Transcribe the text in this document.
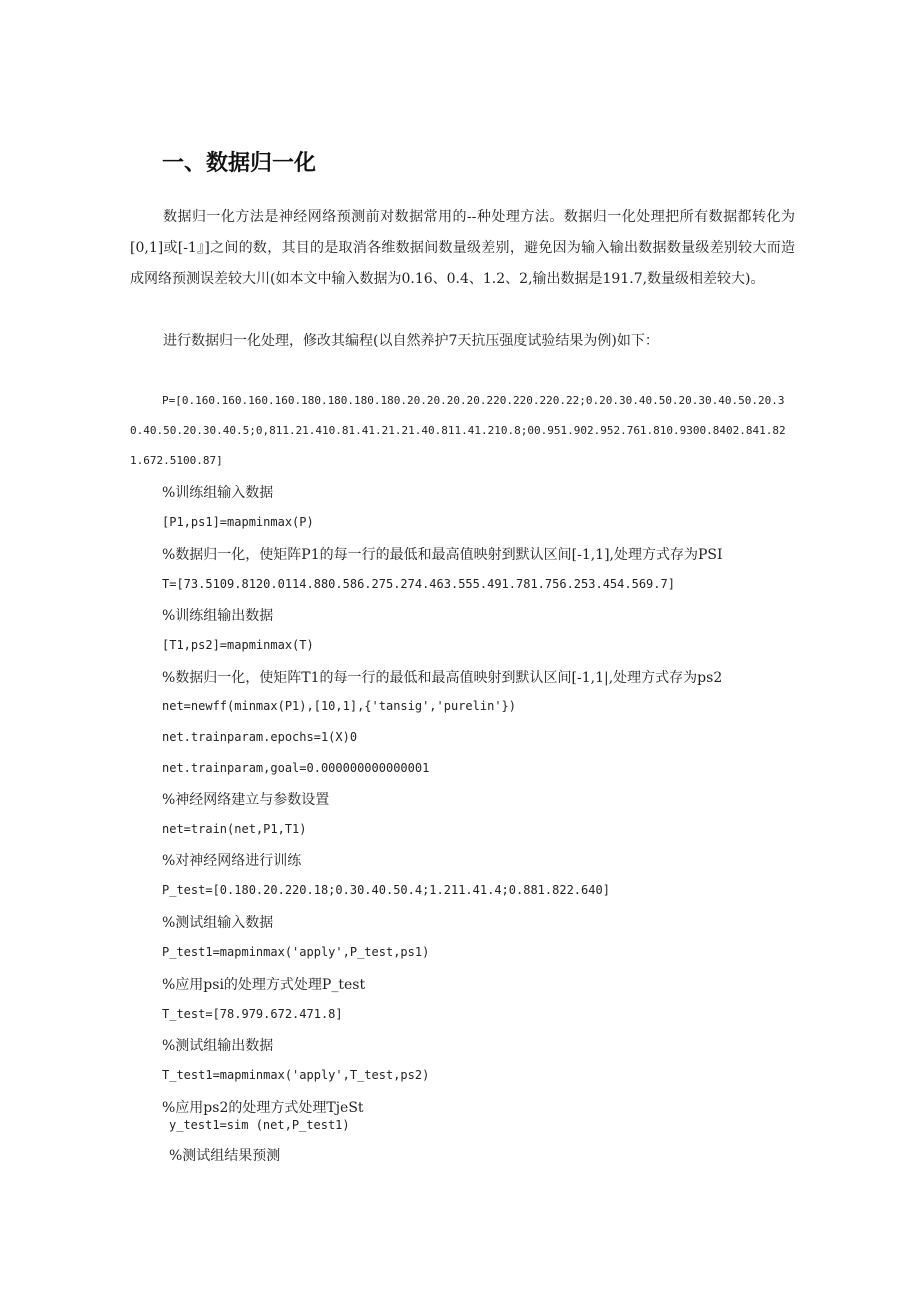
一、数据归一化
数据归一化方法是神经网络预测前对数据常用的--种处理方法。数据归一化处理把所有数据都转化为[0,1]或[-1』]之间的数，其目的是取消各维数据间数量级差别，避免因为输入输出数据数量级差别较大而造成网络预测误差较大川(如本文中输入数据为0.16、0.4、1.2、2,输出数据是191.7,数量级相差较大)。
进行数据归一化处理，修改其编程(以自然养护7天抗压强度试验结果为例)如下：
P=[0.160.160.160.160.180.180.180.180.20.20.20.20.220.220.220.22;0.20.30.40.50.20.30.40.50.20.30.40.50.20.30.40.5;0,811.21.410.81.41.21.21.40.811.41.210.8;00.951.902.952.761.810.9300.8402.841.821.672.5100.87]
%训练组输入数据
[P1,ps1]=mapminmax(P)
%数据归一化，使矩阵P1的每一行的最低和最高值映射到默认区间[-1,1],处理方式存为PSI
T=[73.5109.8120.0114.880.586.275.274.463.555.491.781.756.253.454.569.7]
%训练组输出数据
[T1,ps2]=mapminmax(T)
%数据归一化，使矩阵T1的每一行的最低和最高值映射到默认区间[-1,1|,处理方式存为ps2
net=newff(minmax(P1),[10,1],{'tansig','purelin'})
net.trainparam.epochs=1(X)0
net.trainparam,goal=0.000000000000001
%神经网络建立与参数设置
net=train(net,P1,T1)
%对神经网络进行训练
P_test=[0.180.20.220.18;0.30.40.50.4;1.211.41.4;0.881.822.640]
%测试组输入数据
P_test1=mapminmax('apply',P_test,ps1)
%应用psi的处理方式处理P_test
T_test=[78.979.672.471.8]
%测试组输出数据
T_test1=mapminmax('apply',T_test,ps2)
%应用ps2的处理方式处理TjeSt
y_test1=sim (net,P_test1)
%测试组结果预测
